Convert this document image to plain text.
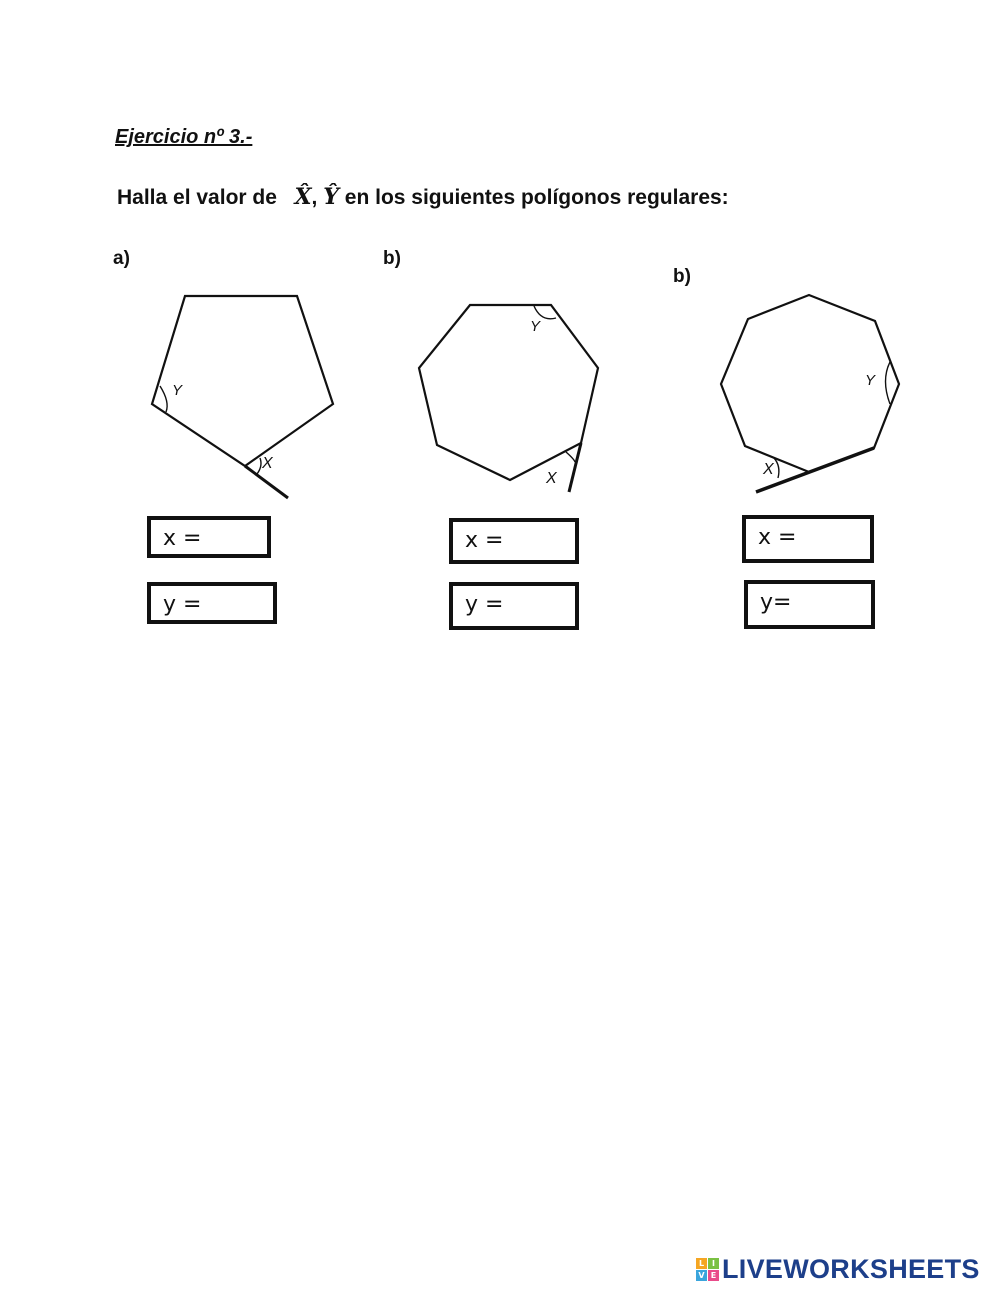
Ejercicio nº 3.-
Halla el valor de X̂, Ŷ en los siguientes polígonos regulares:
a)
Y
X
x =
y =
b)
Y
X
x =
y =
b)
Y
X
x =
y=
L I
V E LIVEWORKSHEETS
